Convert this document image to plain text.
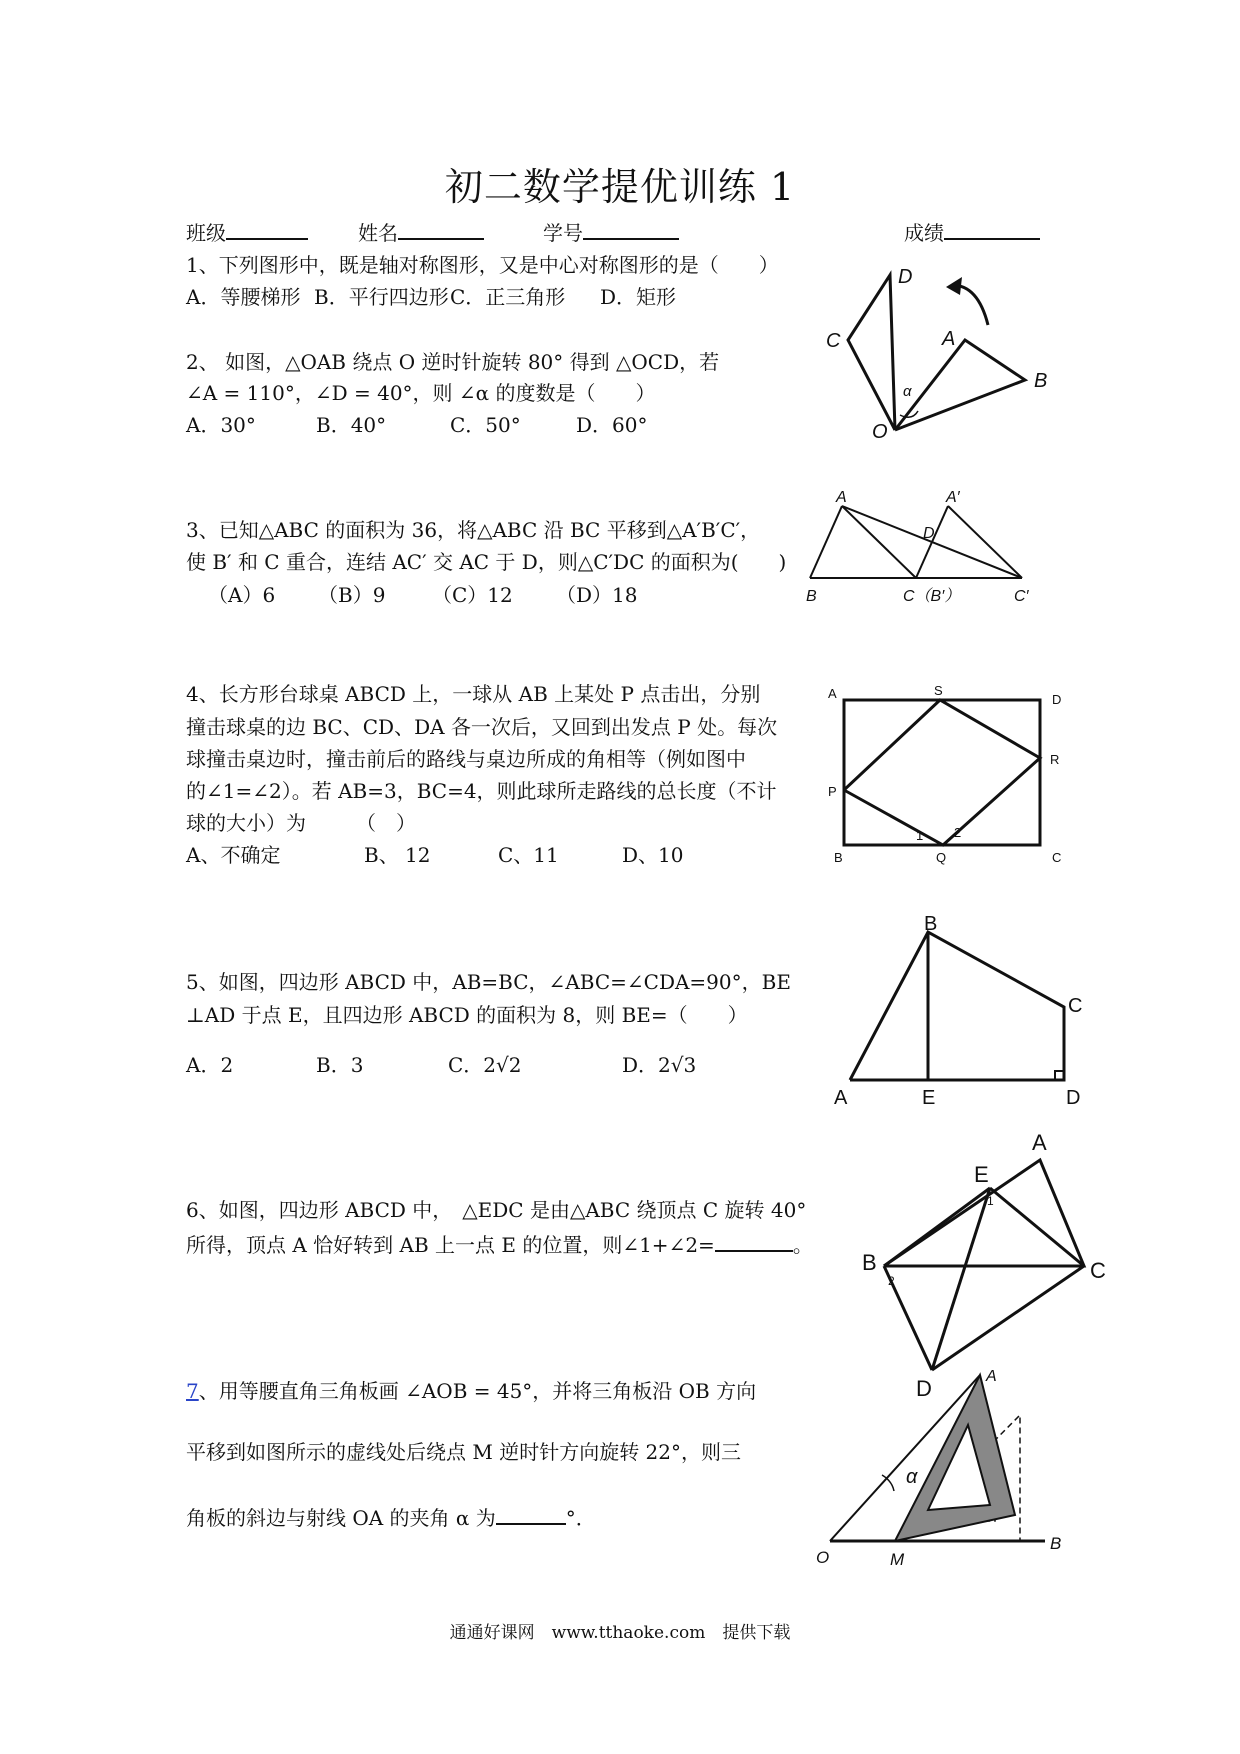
初二数学提优训练 1
班级	姓名	学号	成绩
1、下列图形中，既是轴对称图形，又是中心对称图形的是（　　）
A．等腰梯形 B．平行四边形C．正三角形 D．矩形
2、 如图，△OAB 绕点 O 逆时针旋转 80° 得到 △OCD，若
∠A = 110°，∠D = 40°，则 ∠α 的度数是（　　）
A．30°	B．40°	C．50°	D．60°
D
C	A
B
O
α
3、已知△ABC 的面积为 36，将△ABC 沿 BC 平移到△A′B′C′，
使 B′ 和 C 重合，连结 AC′ 交 AC 于 D，则△C′DC 的面积为(　　)
（A）6 （B）9 （C）12 （D）18
A	A′
D
B	C（B′）	C′
4、长方形台球桌 ABCD 上，一球从 AB 上某处 P 点击出，分别
撞击球桌的边 BC、CD、DA 各一次后，又回到出发点 P 处。每次
球撞击桌边时，撞击前后的路线与桌边所成的角相等（例如图中
的∠1=∠2）。若 AB=3，BC=4，则此球所走路线的总长度（不计
球的大小）为　　　（　）
A、不确定	B、 12	C、11	D、10
A	S
D
R
P
B
1
Q
2
C
5、如图，四边形 ABCD 中，AB=BC，∠ABC=∠CDA=90°，BE
⊥AD 于点 E，且四边形 ABCD 的面积为 8，则 BE=（　　）
A．2	B．3	C．2√2	D．2√3
B
C
A	E	D
6、如图，四边形 ABCD 中，　△EDC 是由△ABC 绕顶点 C 旋转 40°
所得，顶点 A 恰好转到 AB 上一点 E 的位置，则∠1+∠2=	。
A
E
1
B
2	C
D
7、用等腰直角三角板画 ∠AOB = 45°，并将三角板沿 OB 方向
平移到如图所示的虚线处后绕点 M 逆时针方向旋转 22°，则三
角板的斜边与射线 OA 的夹角 α 为	°．
A
α
O	M
B
通通好课网　www.tthaoke.com　提供下载
